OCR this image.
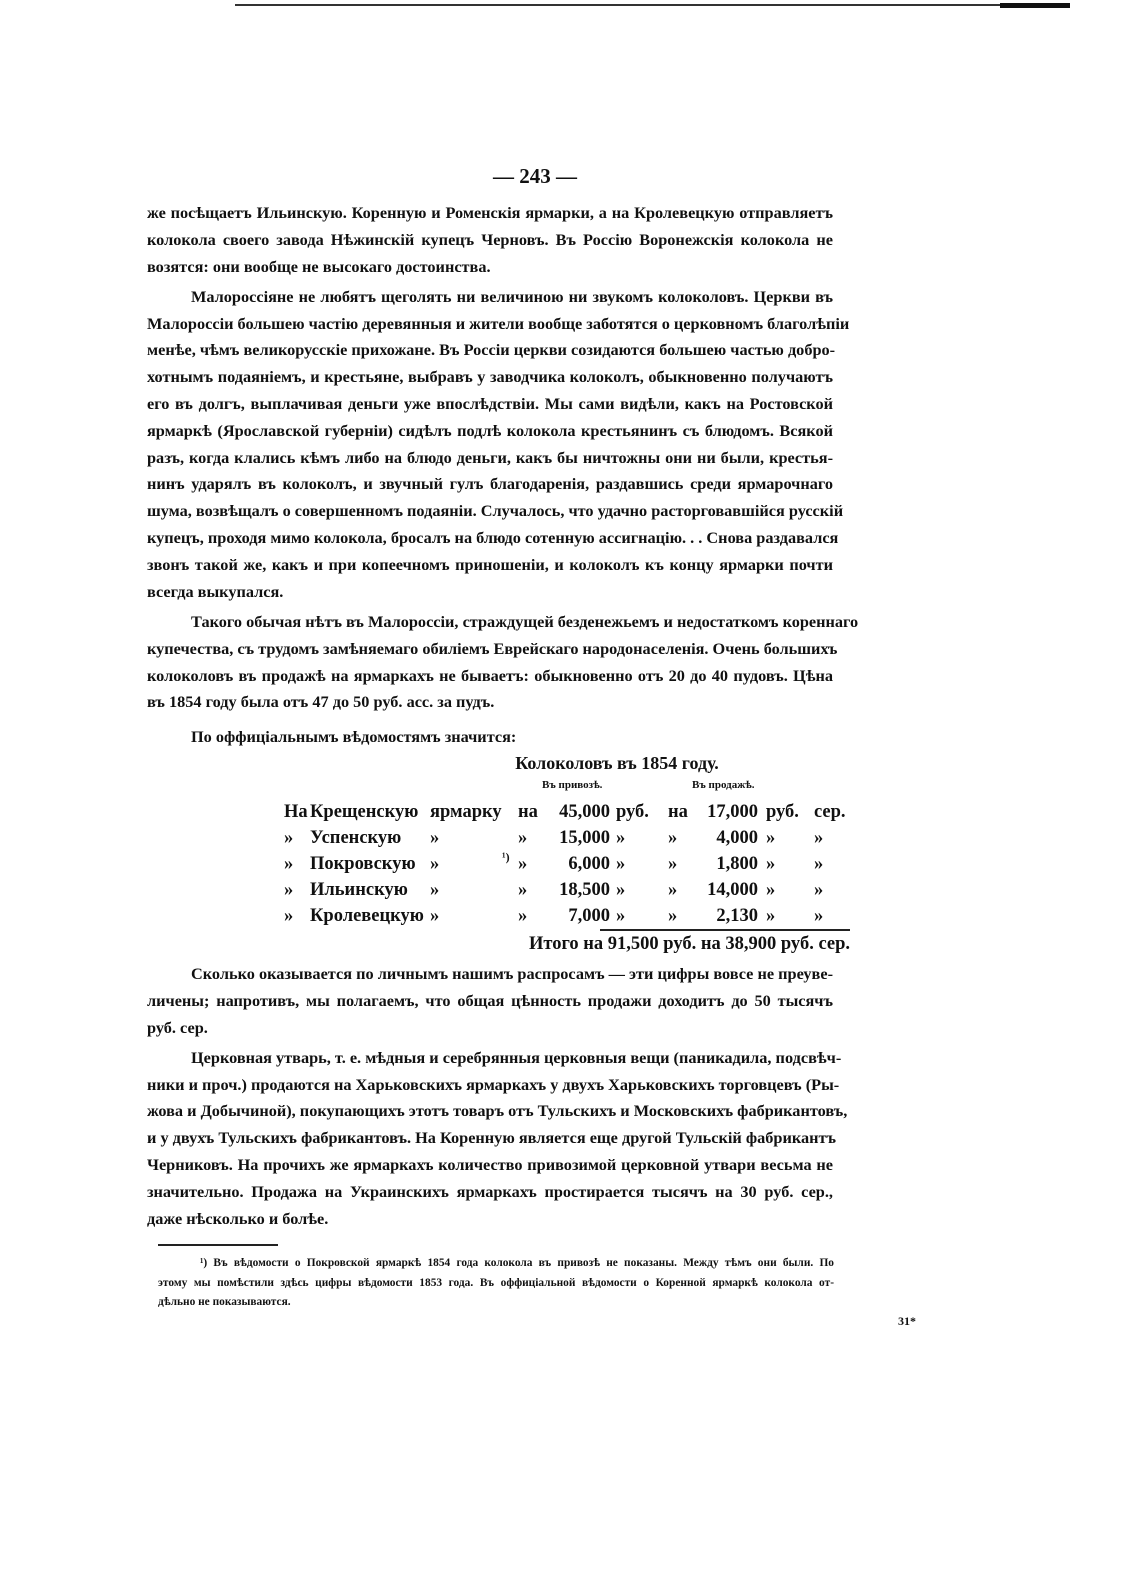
— 243 —
же посѣщаетъ Ильинскую. Коренную и Роменскія ярмарки, а на Кролевецкую отправляетъ
колокола своего завода Нѣжинскій купецъ Черновъ. Въ Россію Воронежскія колокола не
возятся: они вообще не высокаго достоинства.
Малороссіяне не любятъ щеголять ни величиною ни звукомъ колоколовъ. Церкви въ
Малороссіи большею частію деревянныя и жители вообще заботятся о церковномъ благолѣпіи
менѣе, чѣмъ великорусскіе прихожане. Въ Россіи церкви созидаются большею частью добро-
хотнымъ подаяніемъ, и крестьяне, выбравъ у заводчика колоколъ, обыкновенно получаютъ
его въ долгъ, выплачивая деньги уже впослѣдствіи. Мы сами видѣли, какъ на Ростовской
ярмаркѣ (Ярославской губерніи) сидѣлъ подлѣ колокола крестьянинъ съ блюдомъ. Всякой
разъ, когда клались кѣмъ либо на блюдо деньги, какъ бы ничтожны они ни были, крестья-
нинъ ударялъ въ колоколъ, и звучный гулъ благодаренія, раздавшись среди ярмарочнаго
шума, возвѣщалъ о совершенномъ подаяніи. Случалось, что удачно расторговавшійся русскій
купецъ, проходя мимо колокола, бросалъ на блюдо сотенную ассигнацію. . . Снова раздавался
звонъ такой же, какъ и при копеечномъ приношеніи, и колоколъ къ концу ярмарки почти
всегда выкупался.
Такого обычая нѣтъ въ Малороссіи, страждущей безденежьемъ и недостаткомъ кореннаго
купечества, съ трудомъ замѣняемаго обиліемъ Еврейскаго народонаселенія. Очень большихъ
колоколовъ въ продажѣ на ярмаркахъ не бываетъ: обыкновенно отъ 20 до 40 пудовъ. Цѣна
въ 1854 году была отъ 47 до 50 руб. асс. за пудъ.
По оффиціальнымъ вѣдомостямъ значится:
Колоколовъ въ 1854 году.
Въ привозѣ.	Въ продажѣ.
На Крещенскую ярмарку на	45,000 руб. на	17,000 руб. сер.
» Успенскую »	»	15,000 » »	4,000 » »
» Покровскую »	»	6,000 » »	1,800 » »
¹)
» Ильинскую »	»	18,500 » »	14,000 » »
» Кролевецкую »	»	7,000 » »	2,130 » »
Итого на 91,500 руб. на 38,900 руб. сер.
Сколько оказывается по личнымъ нашимъ распросамъ — эти цифры вовсе не преуве-
личены; напротивъ, мы полагаемъ, что общая цѣнность продажи доходитъ до 50 тысячъ
руб. сер.
Церковная утварь, т. е. мѣдныя и серебрянныя церковныя вещи (паникадила, подсвѣч-
ники и проч.) продаются на Харьковскихъ ярмаркахъ у двухъ Харьковскихъ торговцевъ (Ры-
жова и Добычиной), покупающихъ этотъ товаръ отъ Тульскихъ и Московскихъ фабрикантовъ,
и у двухъ Тульскихъ фабрикантовъ. На Коренную является еще другой Тульскій фабрикантъ
Черниковъ. На прочихъ же ярмаркахъ количество привозимой церковной утвари весьма не
значительно. Продажа на Украинскихъ ярмаркахъ простирается тысячъ на 30 руб. сер.,
даже нѣсколько и болѣе.
¹) Въ вѣдомости о Покровской ярмаркѣ 1854 года колокола въ привозѣ не показаны. Между тѣмъ они были. По
этому мы помѣстили здѣсь цифры вѣдомости 1853 года. Въ оффиціальной вѣдомости о Коренной ярмаркѣ колокола от-
дѣльно не показываются.
31*
